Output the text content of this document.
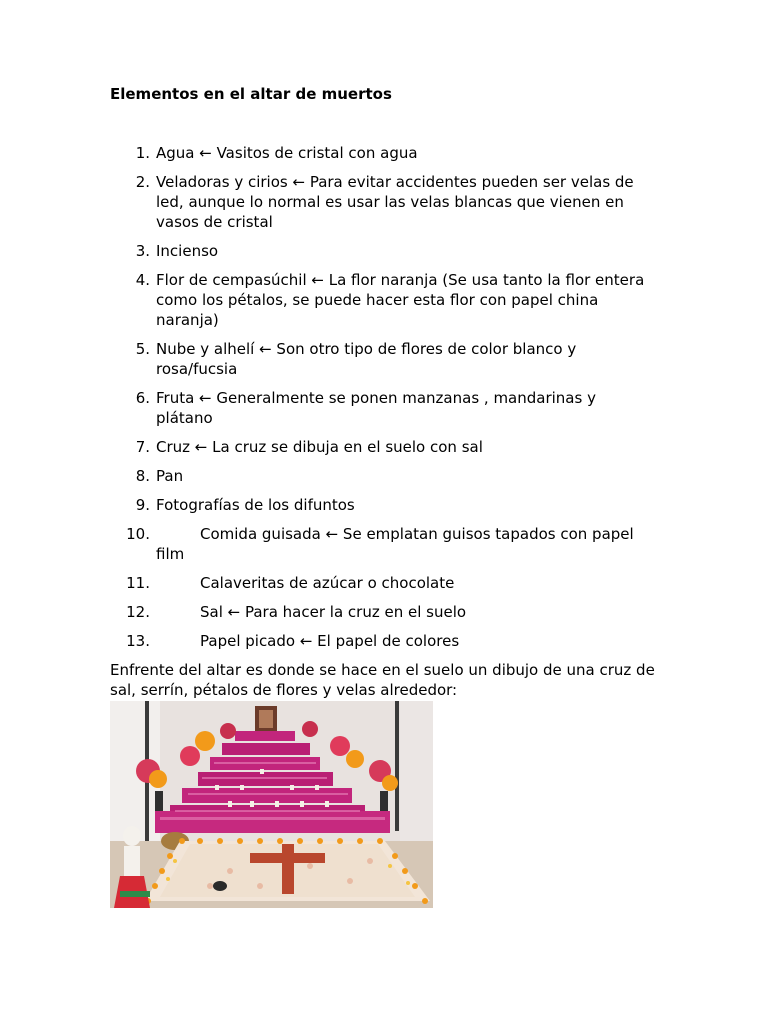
Elementos en el altar de muertos
1. Agua ← Vasitos de cristal con agua
2. Veladoras y cirios ← Para evitar accidentes pueden ser velas de led, aunque lo normal es usar las velas blancas que vienen en vasos de cristal
3. Incienso
4. Flor de cempasúchil ← La flor naranja (Se usa tanto la flor entera como los pétalos, se puede hacer esta flor con papel china naranja)
5. Nube y alhelí ← Son otro tipo de flores de color blanco y rosa/fucsia
6. Fruta ← Generalmente se ponen manzanas , mandarinas y plátano
7. Cruz ← La cruz se dibuja en el suelo con sal
8. Pan
9. Fotografías de los difuntos
10.	Comida guisada ← Se emplatan guisos tapados con papel film
11.	Calaveritas de azúcar o chocolate
12.	Sal ← Para hacer la cruz en el suelo
13.	Papel picado ← El papel de colores
Enfrente del altar es donde se hace en el suelo un dibujo de una cruz de sal, serrín, pétalos de flores y velas alrededor:
